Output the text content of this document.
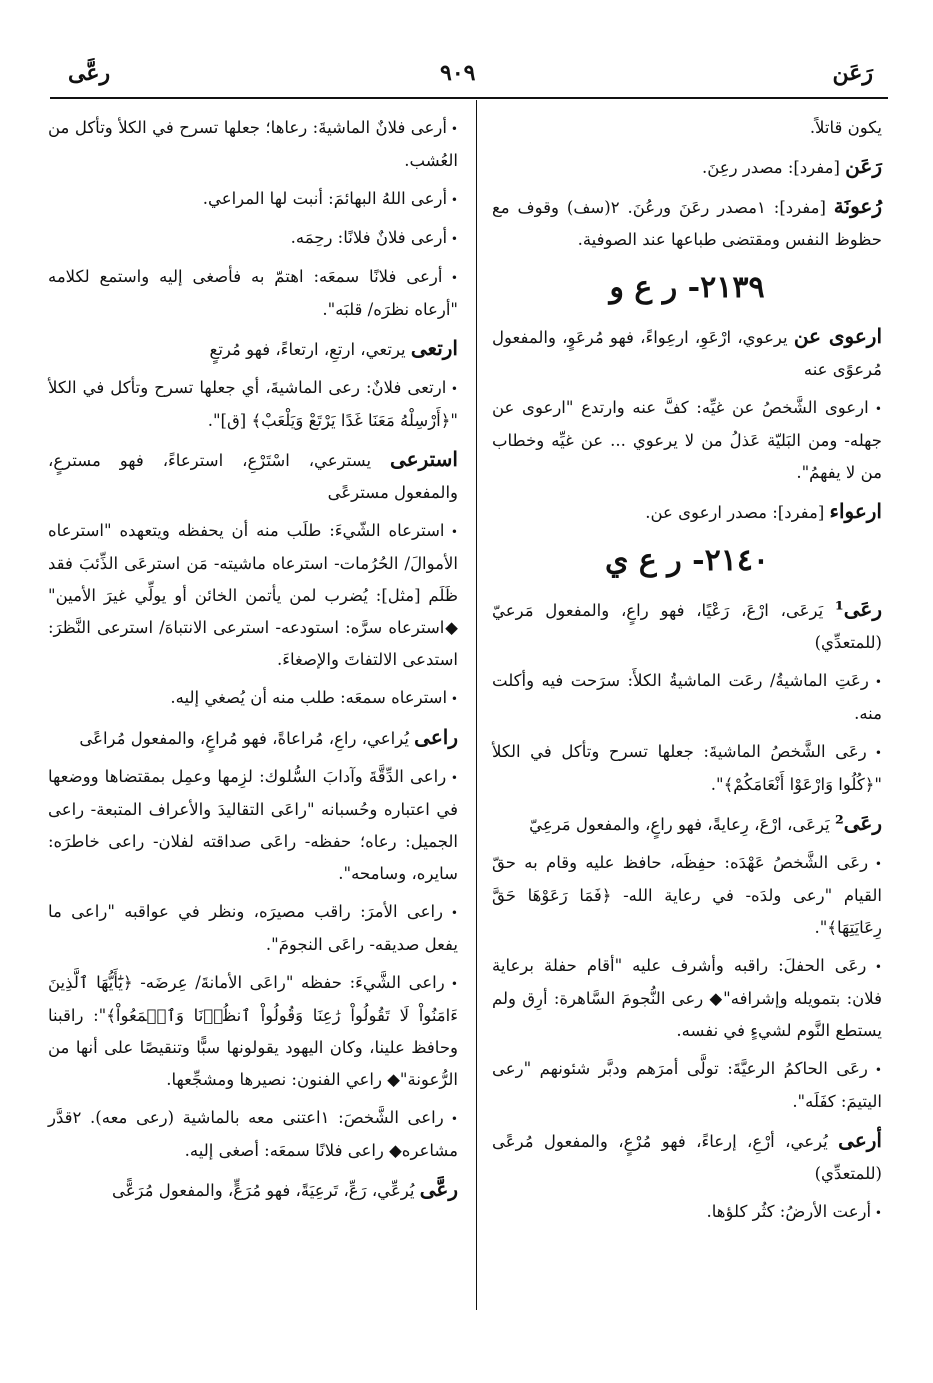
رَعَن
٩٠٩
رعَّى
يكون قاتلاً.
رَعَن [مفرد]: مصدر رعِنَ.
رُعونَة [مفرد]: ١مصدر رعَنَ ورعُنَ. ٢(سف) وقوف مع حظوظ النفس ومقتضى طباعها عند الصوفية.
٢١٣٩- ر ع و
ارعوى عن يرعوي، ارْعَوِ، ارعِواءً، فهو مُرعَوٍ، والمفعول مُرعوًى عنه
• ارعوى الشَّخصُ عن غيِّه: كفَّ عنه وارتدع "ارعوى عن جهله- ومن البَليّة عَذلُ من لا يرعوي ... عن غيِّه وخطاب من لا يفهمُ".
ارعواء [مفرد]: مصدر ارعوى عن.
٢١٤٠- ر ع ي
رعَى¹ يَرعَى، ارْعَ، رَعْيًا، فهو راعٍ، والمفعول مَرعيّ (للمتعدِّي)
• رعَتِ الماشيةُ/ رعَت الماشيةُ الكلأَ: سرَحت فيه وأكلت منه.
• رعَى الشَّخصُ الماشيةَ: جعلها تسرح وتأكل في الكلأ "﴿كُلُوا وَارْعَوْا أَنْعَامَكُمْ﴾".
رعَى² يَرعَى، ارْعَ، رِعايةً، فهو راعٍ، والمفعول مَرعِيّ
• رعَى الشَّخصُ عَهْدَه: حفِظَه، حافظ عليه وقام به حقّ القيام "رعى ولدَه- في رعاية الله- ﴿فَمَا رَعَوْهَا حَقَّ رِعَايَتِهَا﴾".
• رعَى الحفلَ: راقبه وأشرف عليه "أقام حفلة برعاية فلان: بتمويله وإشرافه"◆ رعى النُّجومَ السَّاهرة: أرِق ولم يستطع النَّوم لشيءٍ في نفسه.
• رعَى الحاكمُ الرعيَّةَ: تولَّى أمرَهم ودبَّر شئونهم "رعى اليتيمَ: كفَلَه".
أرعى يُرعي، أرْعِ، إرعاءً، فهو مُرْعٍ، والمفعول مُرعًى (للمتعدِّي)
• أرعت الأرضُ: كثُر كلؤها.
• أرعى فلانٌ الماشيةَ: رعاها؛ جعلها تسرح في الكلأ وتأكل من العُشب.
• أرعى اللهُ البهائمَ: أنبت لها المراعي.
• أرعى فلانٌ فلانًا: رحِمَه.
• أرعى فلانًا سمعَه: اهتمّ به فأصغى إليه واستمع لكلامه "أرعاه نظرَه/ قلبَه".
ارتعى يرتعي، ارتعِ، ارتعاءً، فهو مُرتعٍ
• ارتعى فلانٌ: رعى الماشيةَ، أي جعلها تسرح وتأكل في الكلأ "﴿أَرْسِلْهُ مَعَنَا غَدًا يَرْتَعْ وَيَلْعَبْ﴾ [ق]".
استرعى يسترعي، اسْتَرْعِ، استرعاءً، فهو مسترعٍ، والمفعول مسترعًى
• استرعاه الشّيءَ: طلَب منه أن يحفظه ويتعهده "استرعاه الأموالَ/ الحُرُمات- استرعاه ماشيته- مَن استرعَى الذِّئبَ فقد ظَلَم [مثل]: يُضرب لمن يأتمن الخائن أو يولِّي غيرَ الأمين" ◆استرعاه سرَّه: استودعه- استرعى الانتباهَ/ استرعى النَّظرَ: استدعى الالتفاتَ والإصغاءَ.
• استرعاه سمعَه: طلب منه أن يُصغي إليه.
راعى يُراعي، راعِ، مُراعاةً، فهو مُراعٍ، والمفعول مُراعًى
• راعى الدِّقَّةَ وآدابَ السُّلوك: لزِمها وعمِل بمقتضاها ووضعها في اعتباره وحُسبانه "راعَى التقاليدَ والأعراف المتبعة- راعى الجميل: رعاه؛ حفظه- راعَى صداقته لفلان- راعى خاطرَه: سايره، وسامحه".
• راعى الأمرَ: راقب مصيرَه، ونظر في عواقبه "راعى ما يفعل صديقه- راعَى النجومَ".
• راعى الشَّيءَ: حفظه "راعَى الأمانةَ/ عِرضَه- ﴿يَٰٓأَيُّهَا ٱلَّذِينَ ءَامَنُواْ لَا تَقُولُواْ رَٰعِنَا وَقُولُواْ ٱنظُرۡنَا وَٱسۡمَعُواْ﴾": راقبنا وحافظ علينا، وكان اليهود يقولونها سبًّا وتنقيصًا على أنها من الرُّعونة"◆ راعي الفنون: نصيرها ومشجِّعها.
• راعى الشَّخصَ: ١اعتنى معه بالماشية (رعى معه). ٢قدَّر مشاعره◆ راعى فلانًا سمعَه: أصغى إليه.
رعَّى يُرعِّي، رَعِّ، تَرعِيَةً، فهو مُرَعٍّ، والمفعول مُرَعًّى
